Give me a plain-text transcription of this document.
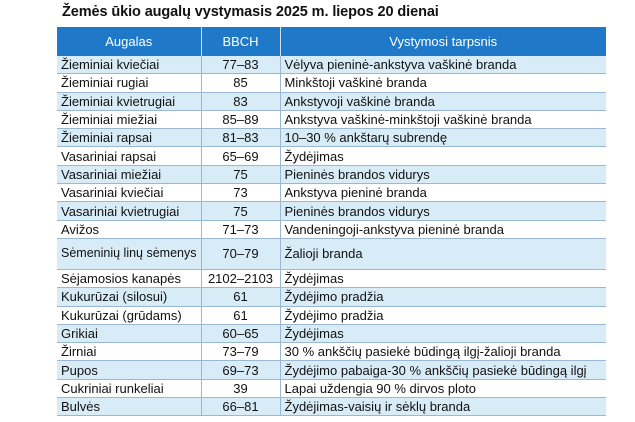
Žemės ūkio augalų vystymasis 2025 m. liepos 20 dienai
Augalas	BBCH	Vystymosi tarpsnis
Žieminiai kviečiai	77–83	Vėlyva pieninė-ankstyva vaškinė branda
Žieminiai rugiai	85	Minkštoji vaškinė branda
Žieminiai kvietrugiai	83	Ankstyvoji vaškinė branda
Žieminiai miežiai	85–89	Ankstyva vaškinė-minkštoji vaškinė branda
Žieminiai rapsai	81–83	10–30 % ankštarų subrendę
Vasariniai rapsai	65–69	Žydėjimas
Vasariniai miežiai	75	Pieninės brandos vidurys
Vasariniai kviečiai	73	Ankstyva pieninė branda
Vasariniai kvietrugiai	75	Pieninės brandos vidurys
Avižos	71–73	Vandeningoji-ankstyva pieninė branda

Sėmeninių linų sėmenys	70–79	Žalioji branda
Sėjamosios kanapės	2102–2103	Žydėjimas
Kukurūzai (silosui)	61	Žydėjimo pradžia
Kukurūzai (grūdams)	61	Žydėjimo pradžia
Grikiai	60–65	Žydėjimas
Žirniai	73–79	30 % ankščių pasiekė būdingą ilgį-žalioji branda
Pupos	69–73	Žydėjimo pabaiga-30 % ankščių pasiekė būdingą ilgį
Cukriniai runkeliai	39	Lapai uždengia 90 % dirvos ploto
Bulvės	66–81	Žydėjimas-vaisių ir sėklų branda
